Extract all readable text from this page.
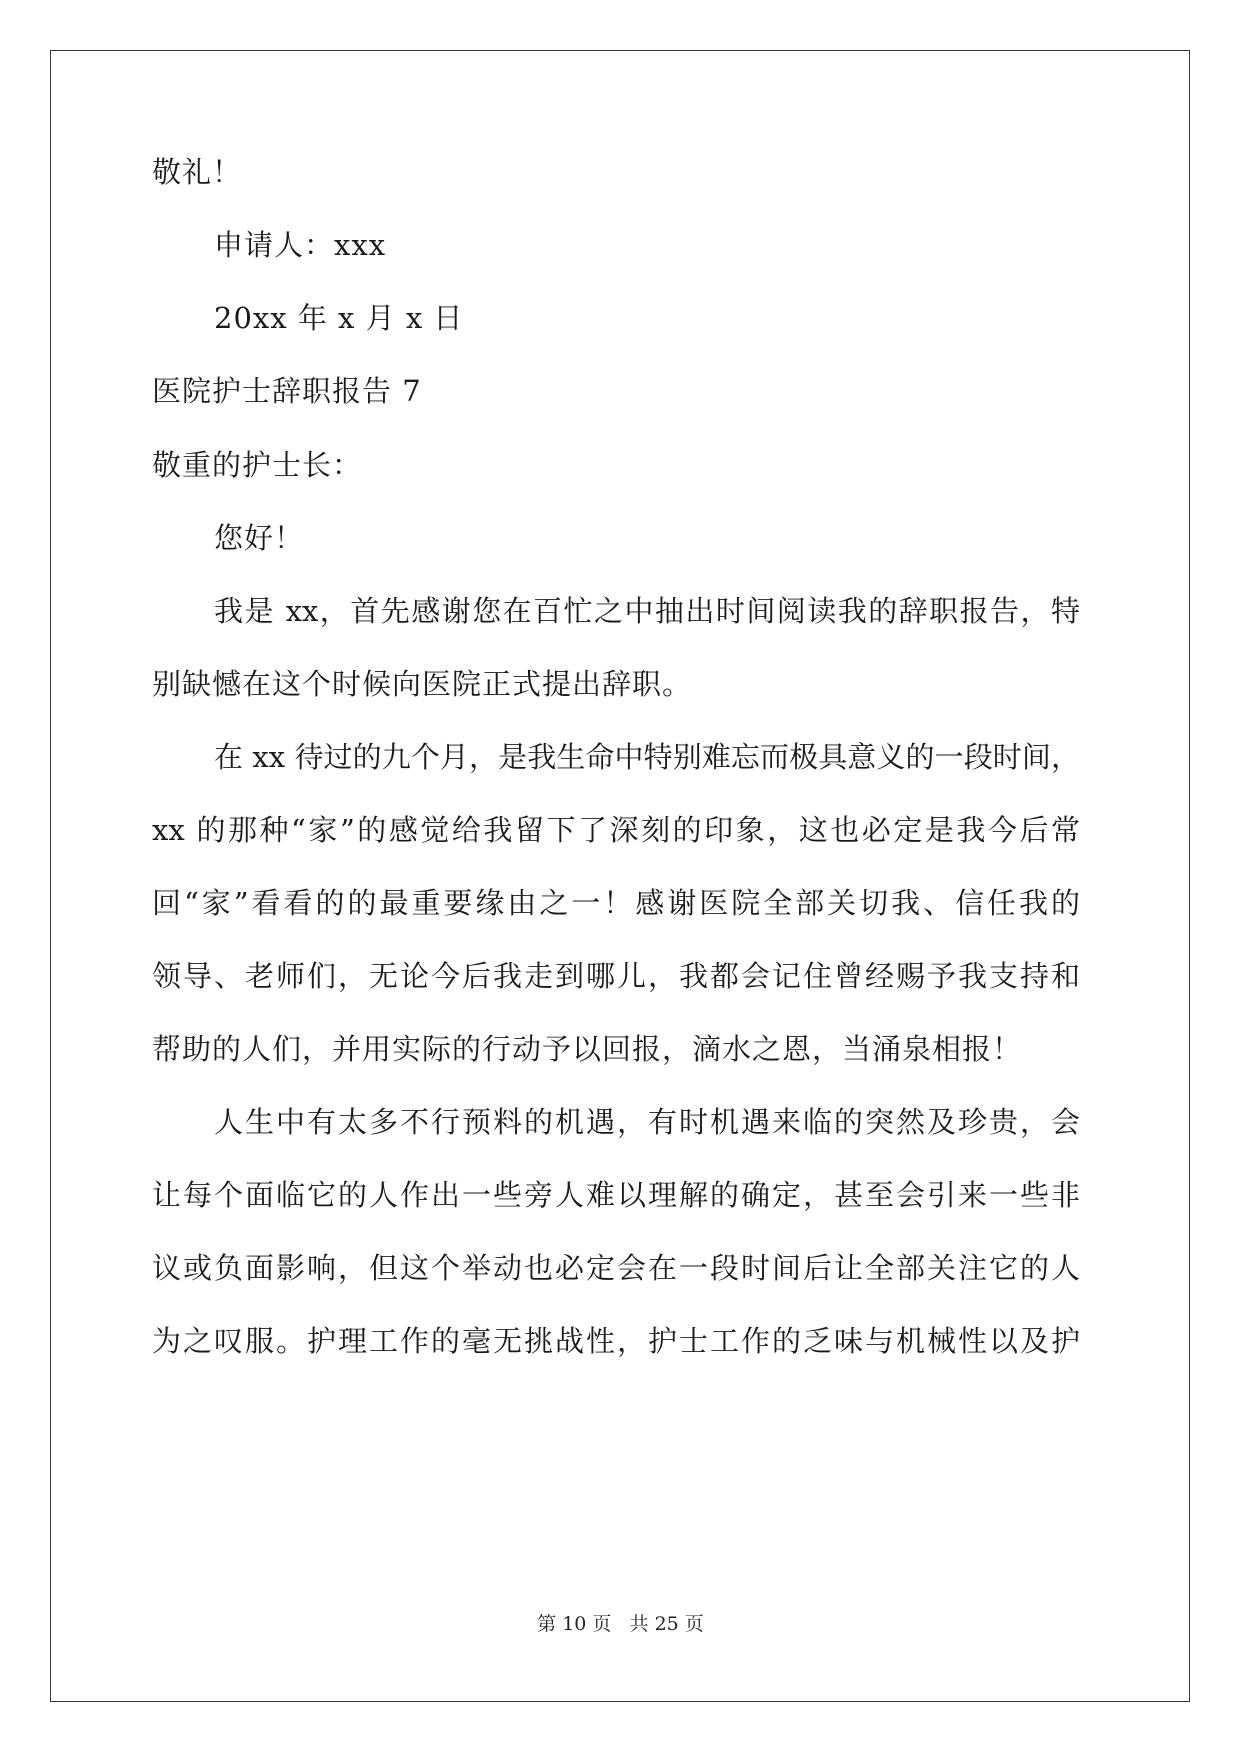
敬礼！
申请人：xxx
20xx 年 x 月 x 日
医院护士辞职报告 7
敬重的护士长：
您好！
我是 xx，首先感谢您在百忙之中抽出时间阅读我的辞职报告，特
别缺憾在这个时候向医院正式提出辞职。
在 xx 待过的九个月，是我生命中特别难忘而极具意义的一段时间，
xx 的那种“家”的感觉给我留下了深刻的印象，这也必定是我今后常
回“家”看看的的最重要缘由之一！感谢医院全部关切我、信任我的
领导、老师们，无论今后我走到哪儿，我都会记住曾经赐予我支持和
帮助的人们，并用实际的行动予以回报，滴水之恩，当涌泉相报！
人生中有太多不行预料的机遇，有时机遇来临的突然及珍贵，会
让每个面临它的人作出一些旁人难以理解的确定，甚至会引来一些非
议或负面影响，但这个举动也必定会在一段时间后让全部关注它的人
为之叹服。护理工作的毫无挑战性，护士工作的乏味与机械性以及护
第 10 页   共 25 页
